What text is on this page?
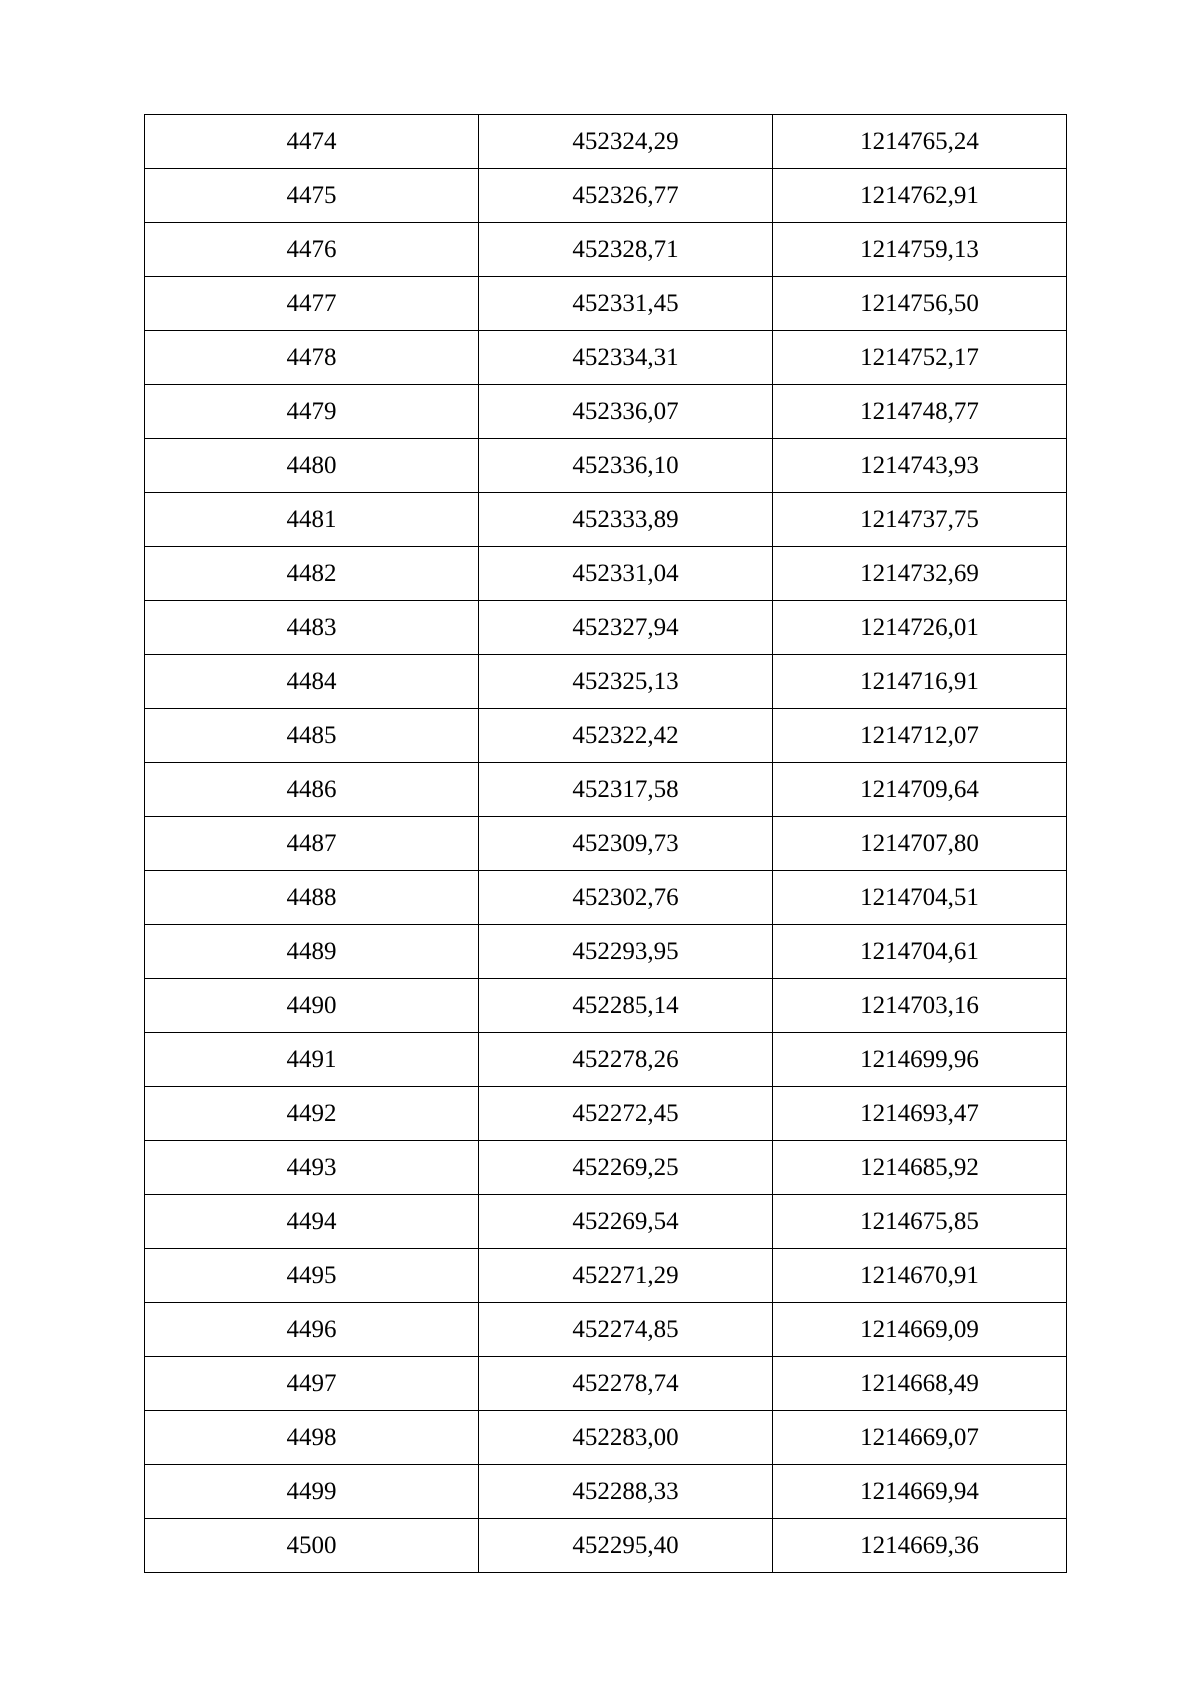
4474	452324,29	1214765,24
4475	452326,77	1214762,91
4476	452328,71	1214759,13
4477	452331,45	1214756,50
4478	452334,31	1214752,17
4479	452336,07	1214748,77
4480	452336,10	1214743,93
4481	452333,89	1214737,75
4482	452331,04	1214732,69
4483	452327,94	1214726,01
4484	452325,13	1214716,91
4485	452322,42	1214712,07
4486	452317,58	1214709,64
4487	452309,73	1214707,80
4488	452302,76	1214704,51
4489	452293,95	1214704,61
4490	452285,14	1214703,16
4491	452278,26	1214699,96
4492	452272,45	1214693,47
4493	452269,25	1214685,92
4494	452269,54	1214675,85
4495	452271,29	1214670,91
4496	452274,85	1214669,09
4497	452278,74	1214668,49
4498	452283,00	1214669,07
4499	452288,33	1214669,94
4500	452295,40	1214669,36
